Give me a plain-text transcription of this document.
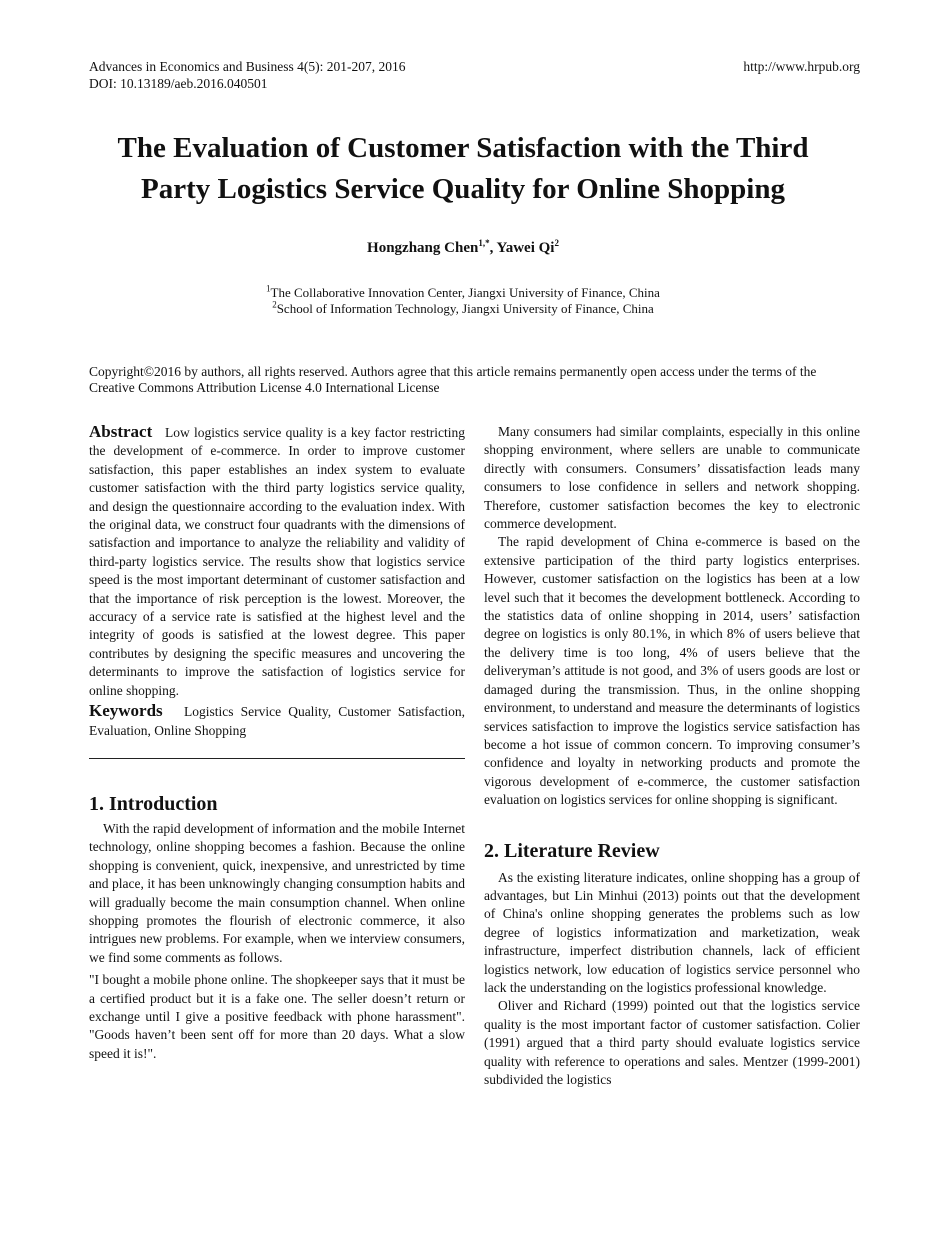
Advances in Economics and Business 4(5): 201-207, 2016
DOI: 10.13189/aeb.2016.040501
http://www.hrpub.org
The Evaluation of Customer Satisfaction with the Third
Party Logistics Service Quality for Online Shopping
Hongzhang Chen$^{1,*}$, Yawei Qi$^2$
$^1$The Collaborative Innovation Center, Jiangxi University of Finance, China
$^2$School of Information Technology, Jiangxi University of Finance, China
Copyright©2016 by authors, all rights reserved. Authors agree that this article remains permanently open access under the terms of the Creative Commons Attribution License 4.0 International License

Abstract Low logistics service quality is a key factor restricting the development of e-commerce. In order to improve customer satisfaction, this paper establishes an index system to evaluate customer satisfaction with the third party logistics service quality, and design the questionnaire according to the evaluation index. With the original data, we construct four quadrants with the dimensions of satisfaction and importance to analyze the reliability and validity of third-party logistics service. The results show that logistics service speed is the most important determinant of customer satisfaction and that the importance of risk perception is the lowest. Moreover, the accuracy of a service rate is satisfied at the highest level and the integrity of goods is satisfied at the lowest degree. This paper contributes by designing the specific measures and uncovering the determinants to improve the satisfaction of logistics service for online shopping.

Keywords Logistics Service Quality, Customer Satisfaction, Evaluation, Online Shopping

1. Introduction

With the rapid development of information and the mobile Internet technology, online shopping becomes a fashion. Because the online shopping is convenient, quick, inexpensive, and unrestricted by time and place, it has been unknowingly changing consumption habits and will gradually become the main consumption channel. When online shopping promotes the flourish of electronic commerce, it also intrigues new problems. For example, when we interview consumers, we find some comments as follows.

"I bought a mobile phone online. The shopkeeper says that it must be a certified product but it is a fake one. The seller doesn’t return or exchange until I give a positive feedback with phone harassment". "Goods haven’t been sent off for more than 20 days. What a slow speed it is!".

Many consumers had similar complaints, especially in this online shopping environment, where sellers are unable to communicate directly with consumers. Consumers’ dissatisfaction leads many consumers to lose confidence in sellers and network shopping. Therefore, customer satisfaction becomes the key to electronic commerce development.

The rapid development of China e-commerce is based on the extensive participation of the third party logistics enterprises. However, customer satisfaction on the logistics has been at a low level such that it becomes the development bottleneck. According to the statistics data of online shopping in 2014, users’ satisfaction degree on logistics is only 80.1%, in which 8% of users believe that the delivery time is too long, 4% of users believe that the deliveryman’s attitude is not good, and 3% of users goods are lost or damaged during the transmission. Thus, in the online shopping environment, to understand and measure the determinants of logistics services satisfaction to improve the logistics service satisfaction has become a hot issue of common concern. To improving consumer’s confidence and loyalty in networking products and promote the vigorous development of e-commerce, the customer satisfaction evaluation on logistics services for online shopping is significant.

2. Literature Review

As the existing literature indicates, online shopping has a group of advantages, but Lin Minhui (2013) points out that the development of China's online shopping generates the problems such as low degree of logistics informatization and marketization, weak infrastructure, imperfect distribution channels, lack of efficient logistics network, low education of logistics service personnel who lack the understanding on the logistics professional knowledge.

Oliver and Richard (1999) pointed out that the logistics service quality is the most important factor of customer satisfaction. Colier (1991) argued that a third party should evaluate logistics service quality with reference to operations and sales. Mentzer (1999-2001) subdivided the logistics
